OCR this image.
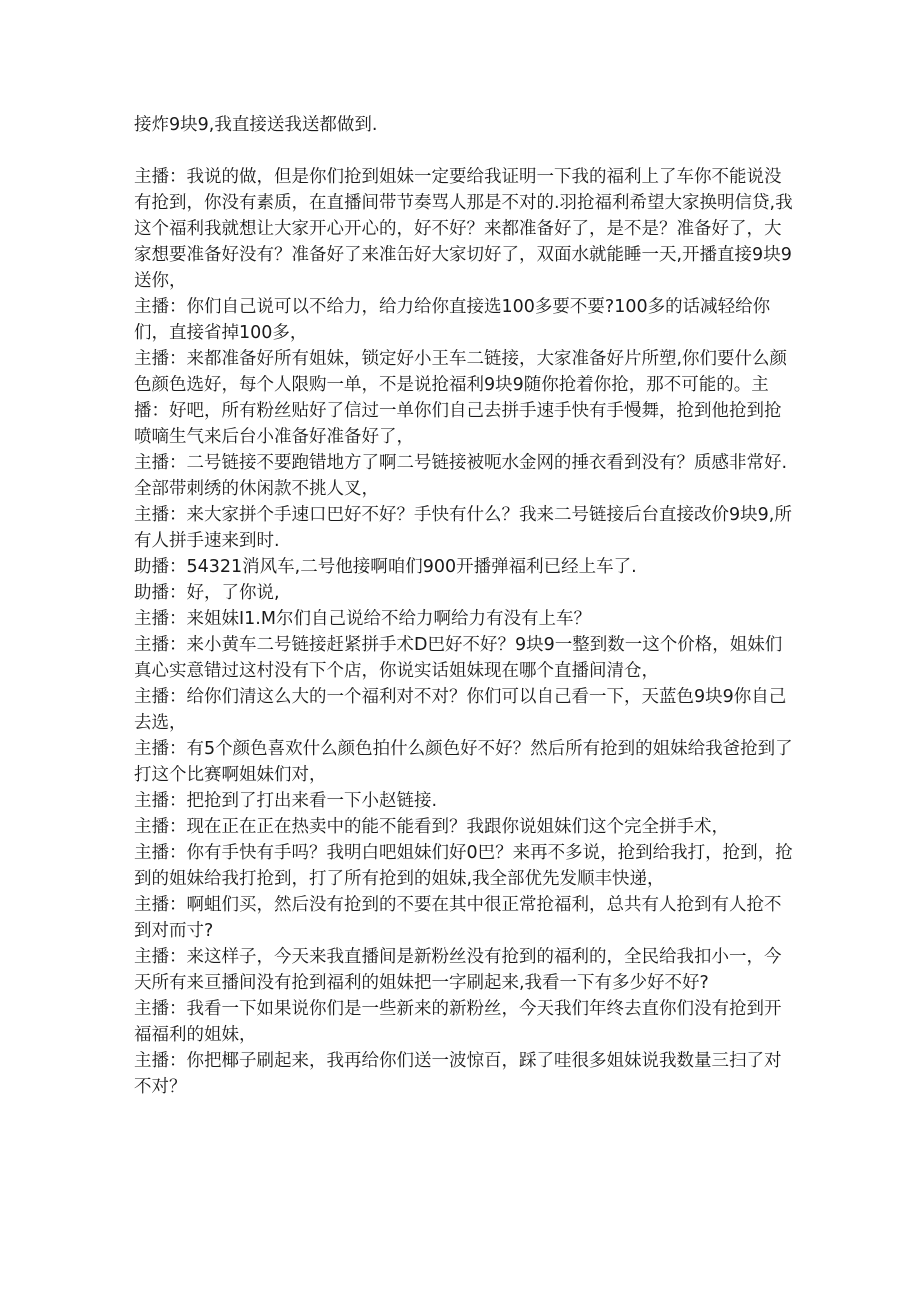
接炸9块9,我直接送我送都做到.

主播：我说的做，但是你们抢到姐妹一定要给我证明一下我的福利上了车你不能说没有抢到，你没有素质，在直播间带节奏骂人那是不对的.羽抢福利希望大家换明信贷,我这个福利我就想让大家开心开心的，好不好？来都准备好了，是不是？准备好了，大家想要准备好没有？准备好了来准缶好大家切好了，双面水就能睡一天,开播直接9块9送你，

主播：你们自己说可以不给力，给力给你直接选100多要不要?100多的话减轻给你们，直接省掉100多，

主播：来都准备好所有姐妹，锁定好小王车二链接，大家准备好片所塑,你们要什么颜色颜色选好，每个人限购一单，不是说抢福利9块9随你抢着你抢，那不可能的。主播：好吧，所有粉丝贴好了信过一单你们自己去拼手速手快有手慢舞，抢到他抢到抢喷嘀生气来后台小准备好准备好了，

主播：二号链接不要跑错地方了啊二号链接被呃水金网的捶衣看到没有？质感非常好.全部带刺绣的休闲款不挑人叉，

主播：来大家拼个手速口巴好不好？手快有什么？我来二号链接后台直接改价9块9,所有人拼手速来到时.

助播：54321消风车,二号他接啊咱们900开播弹福利已经上车了.

助播：好，了你说,

主播：来姐妹I1.M尔们自己说给不给力啊给力有没有上车？

主播：来小黄车二号链接赶紧拼手术D巴好不好？9块9一整到数一这个价格，姐妹们真心实意错过这村没有下个店，你说实话姐妹现在哪个直播间清仓，

主播：给你们清这么大的一个福利对不对？你们可以自己看一下，天蓝色9块9你自己去选，

主播：有5个颜色喜欢什么颜色拍什么颜色好不好？然后所有抢到的姐妹给我爸抢到了打这个比赛啊姐妹们对，

主播：把抢到了打出来看一下小赵链接.

主播：现在正在正在热卖中的能不能看到？我跟你说姐妹们这个完全拼手术，

主播：你有手快有手吗？我明白吧姐妹们好0巴？来再不多说，抢到给我打，抢到，抢到的姐妹给我打抢到，打了所有抢到的姐妹,我全部优先发顺丰快递，

主播：啊蛆们买，然后没有抢到的不要在其中很正常抢福利，总共有人抢到有人抢不到对而寸?

主播：来这样子，今天来我直播间是新粉丝没有抢到的福利的，全民给我扣小一，今天所有来亘播间没有抢到福利的姐妹把一字刷起来,我看一下有多少好不好?

主播：我看一下如果说你们是一些新来的新粉丝，今天我们年终去直你们没有抢到开福福利的姐妹，

主播：你把椰子刷起来，我再给你们送一波惊百，踩了哇很多姐妹说我数量三扫了对不对？
